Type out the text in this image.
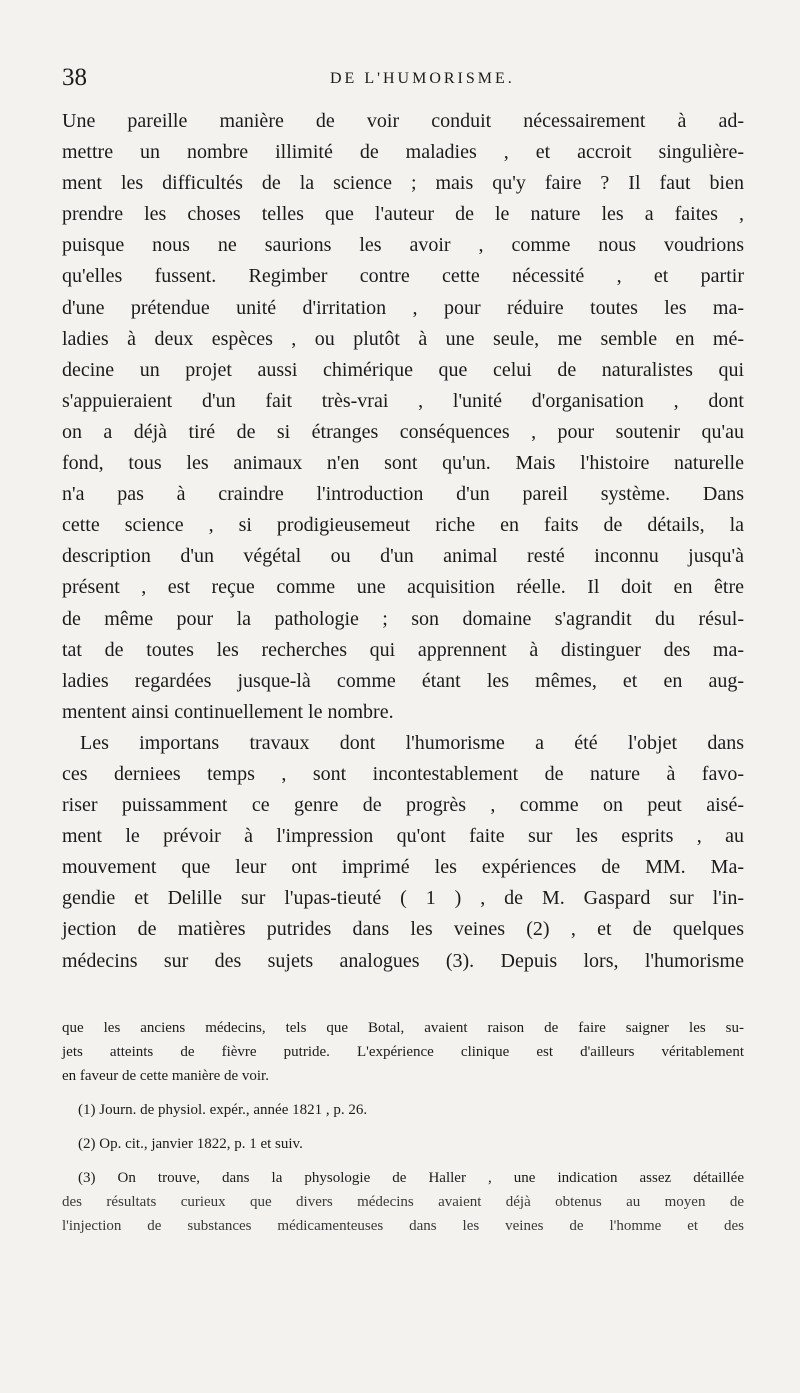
38	DE L'HUMORISME.
Une pareille manière de voir conduit nécessairement à ad-
mettre un nombre illimité de maladies , et accroit singulière-
ment les difficultés de la science ; mais qu'y faire ? Il faut bien
prendre les choses telles que l'auteur de le nature les a faites ,
puisque nous ne saurions les avoir , comme nous voudrions
qu'elles fussent. Regimber contre cette nécessité , et partir
d'une prétendue unité d'irritation , pour réduire toutes les ma-
ladies à deux espèces , ou plutôt à une seule, me semble en mé-
decine un projet aussi chimérique que celui de naturalistes qui
s'appuieraient d'un fait très-vrai , l'unité d'organisation , dont
on a déjà tiré de si étranges conséquences , pour soutenir qu'au
fond, tous les animaux n'en sont qu'un. Mais l'histoire naturelle
n'a pas à craindre l'introduction d'un pareil système. Dans
cette science , si prodigieusemeut riche en faits de détails, la
description d'un végétal ou d'un animal resté inconnu jusqu'à
présent , est reçue comme une acquisition réelle. Il doit en être
de même pour la pathologie ; son domaine s'agrandit du résul-
tat de toutes les recherches qui apprennent à distinguer des ma-
ladies regardées jusque-là comme étant les mêmes, et en aug-
mentent ainsi continuellement le nombre.
Les importans travaux dont l'humorisme a été l'objet dans
ces derniees temps , sont incontestablement de nature à favo-
riser puissamment ce genre de progrès , comme on peut aisé-
ment le prévoir à l'impression qu'ont faite sur les esprits , au
mouvement que leur ont imprimé les expériences de MM. Ma-
gendie et Delille sur l'upas-tieuté ( 1 ) , de M. Gaspard sur l'in-
jection de matières putrides dans les veines (2) , et de quelques
médecins sur des sujets analogues (3). Depuis lors, l'humorisme
que les anciens médecins, tels que Botal, avaient raison de faire saigner les su-
jets atteints de fièvre putride. L'expérience clinique est d'ailleurs véritablement
en faveur de cette manière de voir.
(1) Journ. de physiol. expér., année 1821 , p. 26.
(2) Op. cit., janvier 1822, p. 1 et suiv.
(3) On trouve, dans la physologie de Haller , une indication assez détaillée
des résultats curieux que divers médecins avaient déjà obtenus au moyen de
l'injection de substances médicamenteuses dans les veines de l'homme et des
